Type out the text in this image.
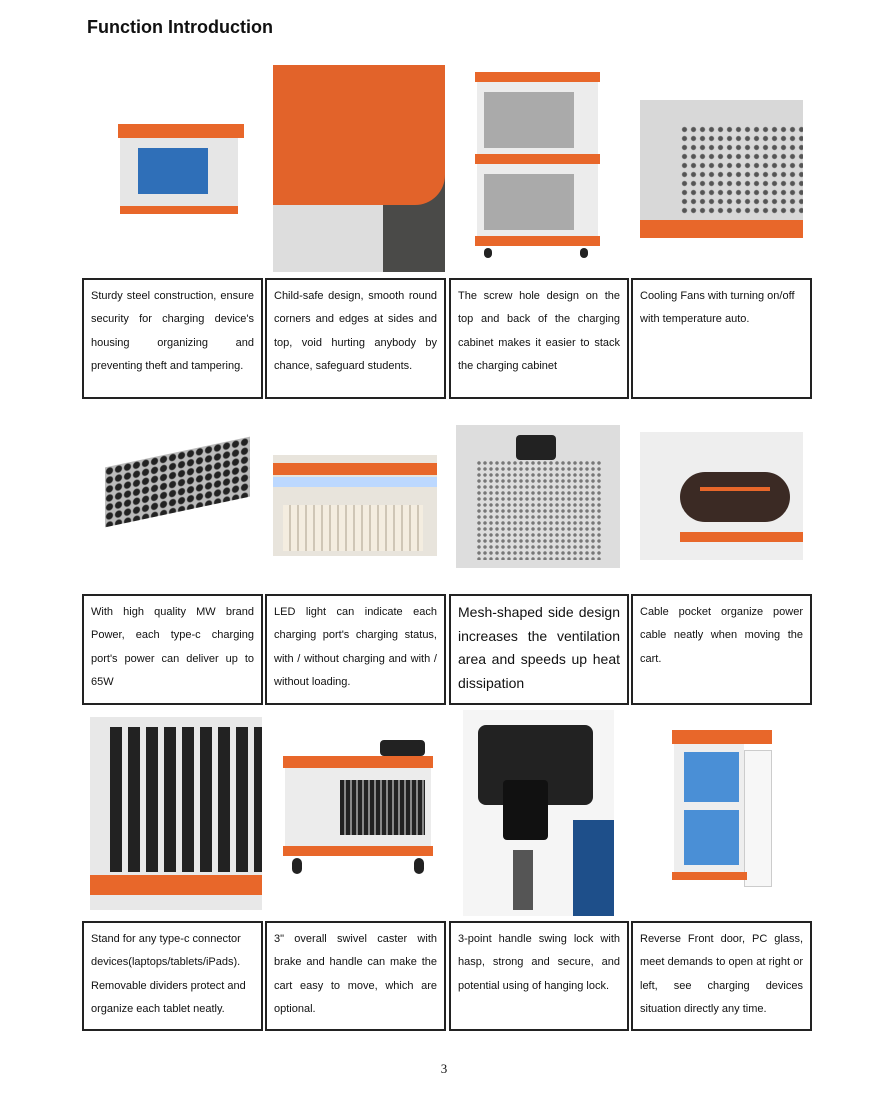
Function Introduction
Sturdy steel construction, ensure security for charging device's housing organizing and preventing theft and tampering.
Child-safe design, smooth round corners and edges at sides and top, void hurting anybody by chance, safeguard students.
The screw hole design on the top and back of the charging cabinet makes it easier to stack the charging cabinet
Cooling Fans with turning on/off with temperature auto.
With high quality MW brand Power, each type-c charging port's power can deliver up to 65W
LED light can indicate each charging port's charging status, with / without charging and with / without loading.
Mesh-shaped side design increases the ventilation area and speeds up heat dissipation
Cable pocket organize power cable neatly when moving the cart.
Stand for any type-c connector devices(laptops/tablets/iPads). Removable dividers protect and organize each tablet neatly.
3" overall swivel caster with brake and handle can make the cart easy to move, which are optional.
3-point handle swing lock with hasp, strong and secure, and potential using of hanging lock.
Reverse Front door, PC glass, meet demands to open at right or left, see charging devices situation directly any time.
3
